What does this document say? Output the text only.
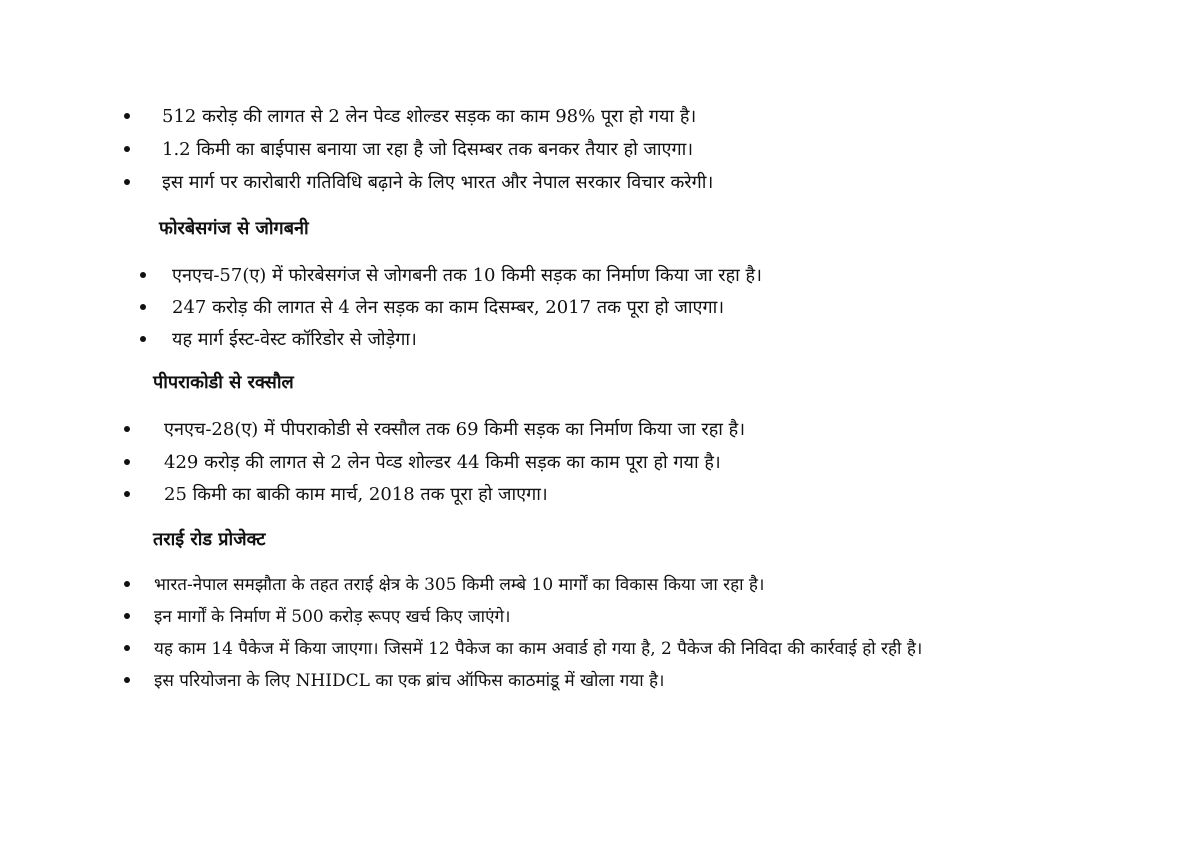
512 करोड़ की लागत से 2 लेन पेव्ड शोल्डर सड़क का काम 98% पूरा हो गया है।
1.2 किमी का बाईपास बनाया जा रहा है जो दिसम्बर तक बनकर तैयार हो जाएगा।
इस मार्ग पर कारोबारी गतिविधि बढ़ाने के लिए भारत और नेपाल सरकार विचार करेगी।
फोरबेसगंज से जोगबनी
एनएच-57(ए) में फोरबेसगंज से जोगबनी तक 10 किमी सड़क का निर्माण किया जा रहा है।
247 करोड़ की लागत से 4 लेन सड़क का काम दिसम्बर, 2017 तक पूरा हो जाएगा।
यह मार्ग ईस्ट-वेस्ट कॉरिडोर से जोड़ेगा।
पीपराकोडी से रक्सौल
एनएच-28(ए) में पीपराकोडी से रक्सौल तक 69 किमी सड़क का निर्माण किया जा रहा है।
429 करोड़ की लागत से 2 लेन पेव्ड शोल्डर 44 किमी सड़क का काम पूरा हो गया है।
25 किमी का बाकी काम मार्च, 2018 तक पूरा हो जाएगा।
तराई रोड प्रोजेक्ट
भारत-नेपाल समझौता के तहत तराई क्षेत्र के 305 किमी लम्बे 10 मार्गों का विकास किया जा रहा है।
इन मार्गों के निर्माण में 500 करोड़ रूपए खर्च किए जाएंगे।
यह काम 14 पैकेज में किया जाएगा। जिसमें 12 पैकेज का काम अवार्ड हो गया है, 2 पैकेज की निविदा की कार्रवाई हो रही है।
इस परियोजना के लिए NHIDCL का एक ब्रांच ऑफिस काठमांडू में खोला गया है।
